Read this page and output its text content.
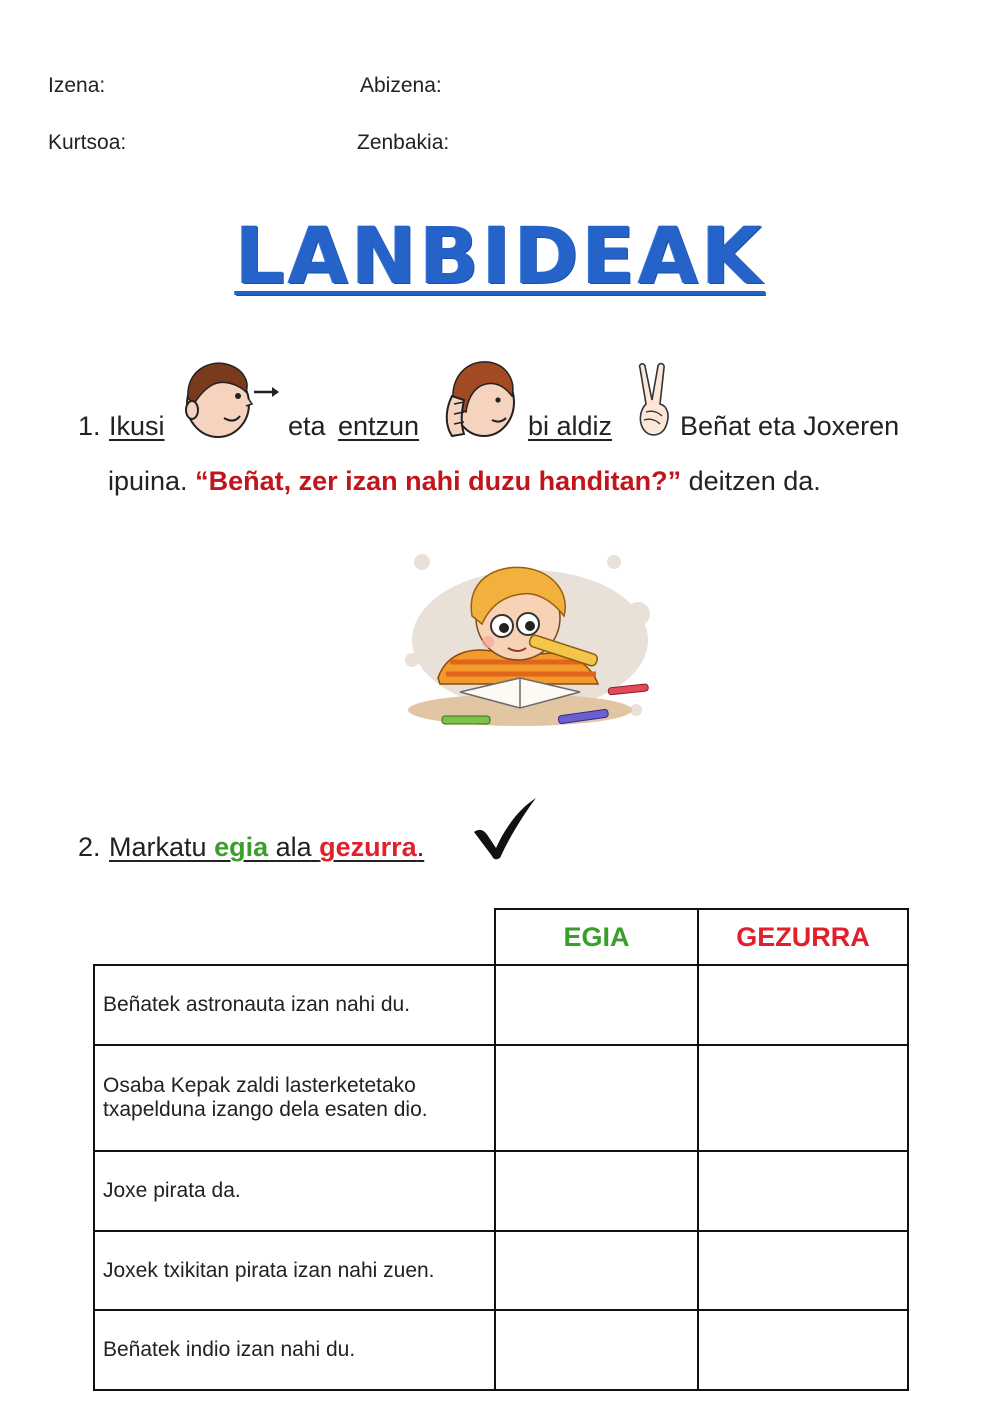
Izena:	Abizena:
Kurtsoa:	Zenbakia:
LANBIDEAK
1. Ikusi	eta entzun	bi aldiz	Beñat eta Joxeren
ipuina. “Beñat, zer izan nahi duzu handitan?” deitzen da.
2. Markatu egia ala gezurra.
	EGIA	GEZURRA
Beñatek astronauta izan nahi du.		
Osaba Kepak zaldi lasterketetako txapelduna izango dela esaten dio.		
Joxe pirata da.		
Joxek txikitan pirata izan nahi zuen.		
Beñatek indio izan nahi du.		
